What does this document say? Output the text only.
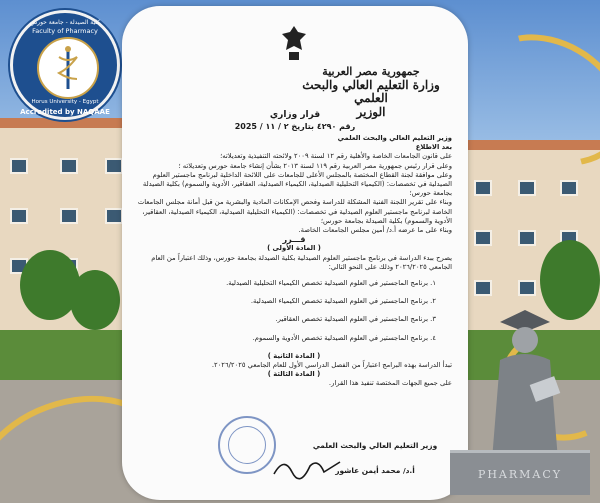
كلية الصيدلة - جامعة حورس
Faculty of Pharmacy
Horus University - Egypt
Accredited by NAQAAE
جمهورية مصر العربية
وزارة التعليم العالي والبحث العلمي
الوزير
قرار وزاري
رقم ٤٢٩٠ بتاريخ ٢ / ١١ / 2025

وزير التعليم العالي والبحث العلمي

بعد الاطلاع

على قانون الجامعات الخاصة والأهلية رقم ١٢ لسنة ٢٠٠٩ ولائحته التنفيذية وتعديلاته؛

وعلى قرار رئيس جمهورية مصر العربية رقم ١١٩ لسنة ٢٠١٣ بشأن إنشاء جامعة حورس وتعديلاته ؛

وعلى موافقة لجنة القطاع المختصة بالمجلس الأعلى للجامعات على اللائحة الداخلية لبرنامج ماجستير العلوم الصيدلية في تخصصات: (الكيمياء التحليلية الصيدلية، الكيمياء الصيدلية، العقاقير، الأدوية والسموم) بكلية الصيدلة بجامعة حورس؛

وبناء على تقرير اللجنة الفنية المشكلة للدراسة وفحص الإمكانات المادية والبشرية من قبل أمانة مجلس الجامعات الخاصة لبرنامج ماجستير العلوم الصيدلية في تخصصات: (الكيمياء التحليلية الصيدلية، الكيمياء الصيدلية، العقاقير، الأدوية والسموم) بكلية الصيدلة بجامعة حورس؛

وبناء على ما عرضه أ.د/ أمين مجلس الجامعات الخاصة.

قـــرر

( المادة الأولى )

يصرح ببدء الدراسة في برنامج ماجستير العلوم الصيدلية بكلية الصيدلة بجامعة حورس، وذلك اعتباراً من العام الجامعي ٢٠٢٦/٢٠٢٥ وذلك على النحو التالي:

١. برنامج الماجستير في العلوم الصيدلية تخصص الكيمياء التحليلية الصيدلية.

٢. برنامج الماجستير في العلوم الصيدلية تخصص الكيمياء الصيدلية.

٣. برنامج الماجستير في العلوم الصيدلية تخصص العقاقير.

٤. برنامج الماجستير في العلوم الصيدلية تخصص الأدوية والسموم.

( المادة الثانية )

تبدأ الدراسة بهذه البرامج اعتباراً من الفصل الدراسي الأول للعام الجامعي ٢٠٢٦/٢٠٢٥.

( المادة الثالثة )

على جميع الجهات المختصة تنفيذ هذا القرار.

وزير التعليم العالي والبحث العلمي
أ.د/ محمد أيمن عاشور	PHARMACY
